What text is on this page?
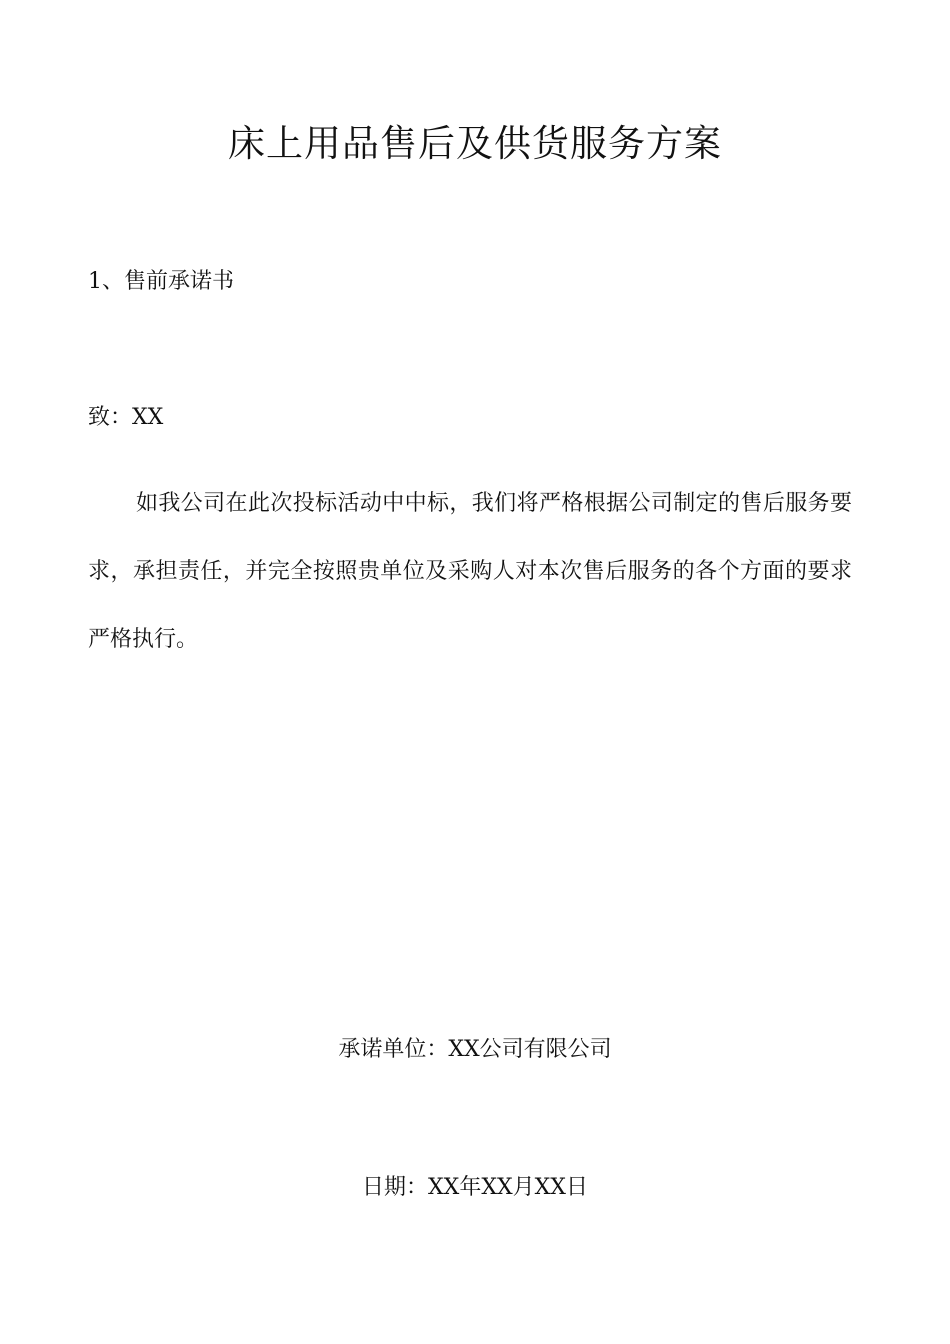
床上用品售后及供货服务方案
1、售前承诺书

致：XX

如我公司在此次投标活动中中标，我们将严格根据公司制定的售后服务要求，承担责任，并完全按照贵单位及采购人对本次售后服务的各个方面的要求严格执行。

承诺单位：XX公司有限公司

日期：XX年XX月XX日
